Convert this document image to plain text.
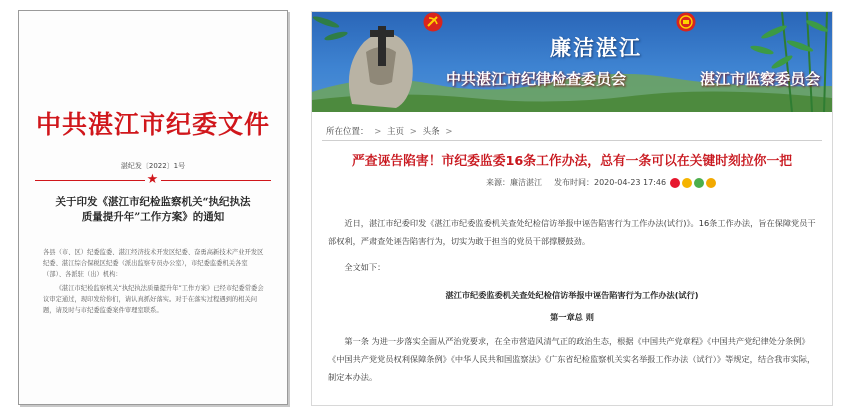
中共湛江市纪委文件
湛纪发〔2022〕1号
★
关于印发《湛江市纪检监察机关“执纪执法
质量提升年”工作方案》的通知

各县（市、区）纪委监委、湛江经济技术开发区纪委、奋勇高新技术产业开发区纪委、湛江综合保税区纪委（派出监察专员办公室），市纪委监委机关各室（部）、各派驻（出）机构：

《湛江市纪检监察机关“执纪执法质量提升年”工作方案》已经市纪委常委会议审定通过，现印发给你们，请认真抓好落实。对于在落实过程遇到的相关问题，请及时与市纪委监委案件审理室联系。

廉洁湛江
中共湛江市纪律检查委员会	湛江市监察委员会
所在位置： > 主页 > 头条 >
严查诬告陷害！市纪委监委16条工作办法，总有一条可以在关键时刻拉你一把
来源： 廉洁湛江 发布时间： 2020-04-23 17:46

近日，湛江市纪委印发《湛江市纪委监委机关查处纪检信访举报中诬告陷害行为工作办法(试行)》。16条工作办法，旨在保障党员干部权利，严肃查处诬告陷害行为，切实为敢于担当的党员干部撑腰鼓劲。

全文如下：

湛江市纪委监委机关查处纪检信访举报中诬告陷害行为工作办法(试行)

第一章总 则

第一条 为进一步落实全面从严治党要求，在全市营造风清气正的政治生态，根据《中国共产党章程》《中国共产党纪律处分条例》《中国共产党党员权利保障条例》《中华人民共和国监察法》《广东省纪检监察机关实名举报工作办法（试行）》等规定，结合我市实际，制定本办法。
